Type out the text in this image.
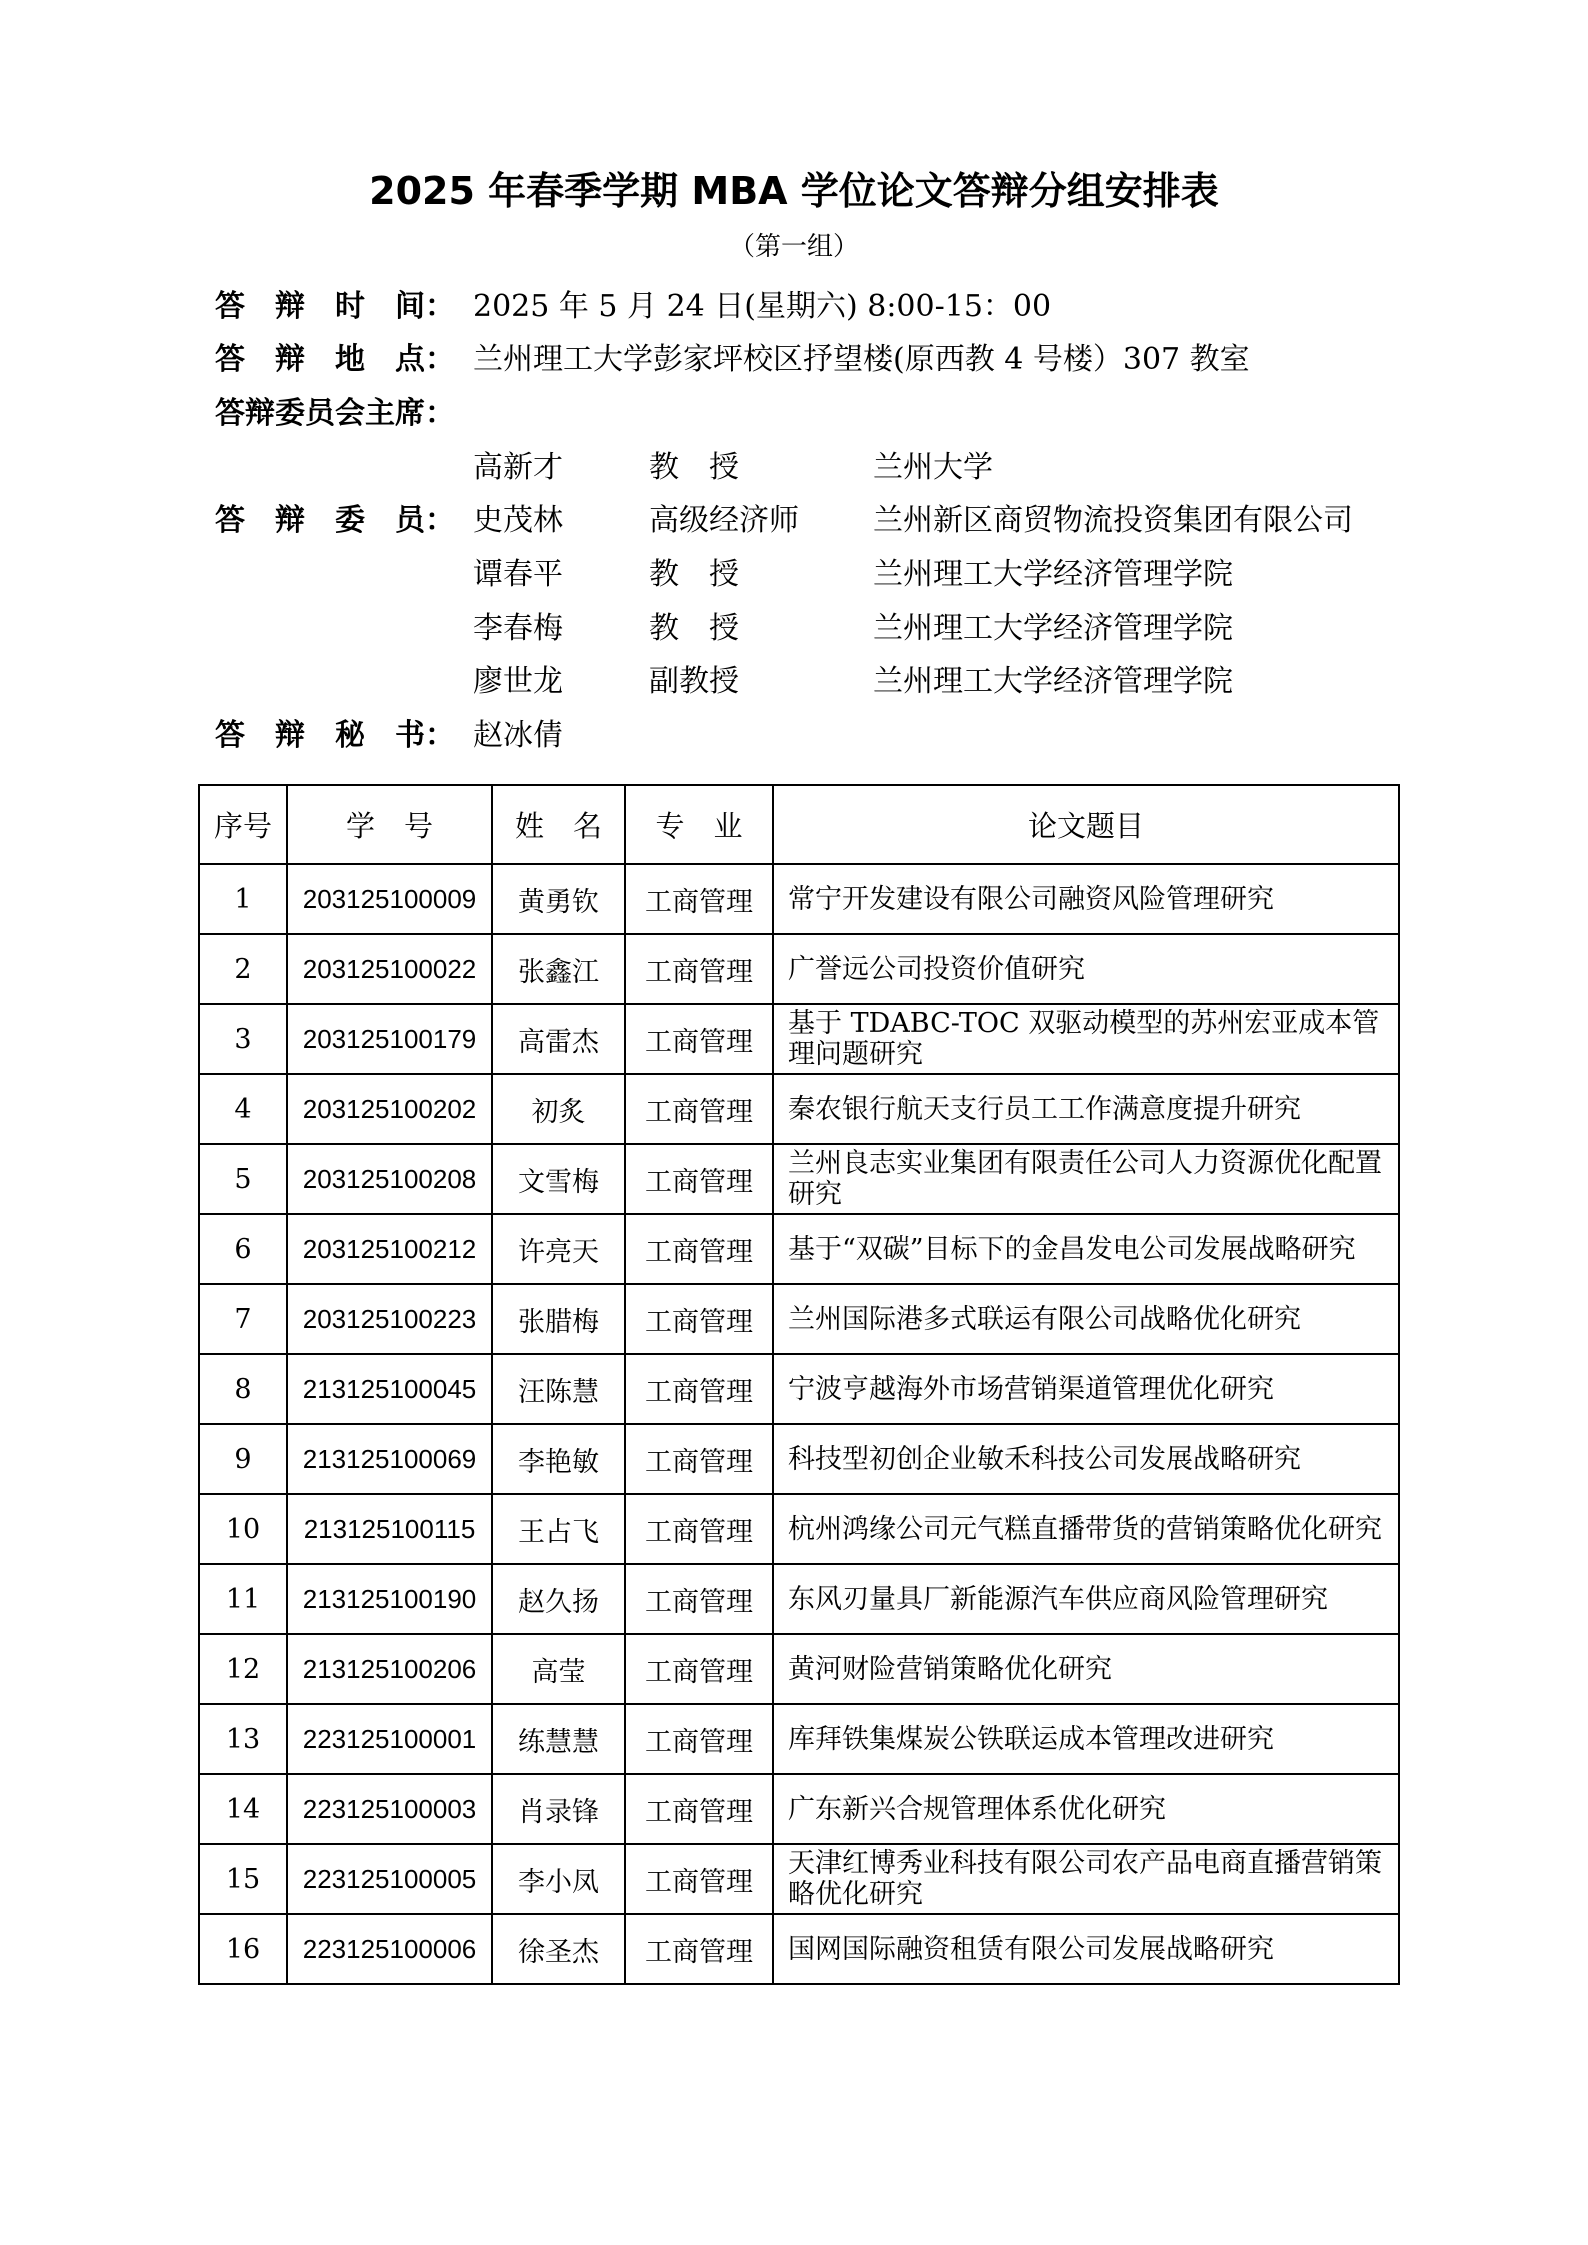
2025 年春季学期 MBA 学位论文答辩分组安排表
（第一组）
答 辩 时 间： 2025 年 5 月 24 日(星期六) 8:00-15：00
答 辩 地 点： 兰州理工大学彭家坪校区抒望楼(原西教 4 号楼）307 教室
答辩委员会主席：
高新才	教　授	兰州大学
答 辩 委 员： 史茂林	高级经济师 兰州新区商贸物流投资集团有限公司
谭春平	教　授	兰州理工大学经济管理学院
李春梅	教　授	兰州理工大学经济管理学院
廖世龙	副教授	兰州理工大学经济管理学院
答 辩 秘 书： 赵冰倩
序号	学　号	姓　名	专　业	论文题目
1	203125100009	黄勇钦	工商管理	常宁开发建设有限公司融资风险管理研究
2	203125100022	张鑫江	工商管理	广誉远公司投资价值研究
3	203125100179	高雷杰	工商管理	基于 TDABC-TOC 双驱动模型的苏州宏亚成本管理问题研究
4	203125100202	初炙	工商管理	秦农银行航天支行员工工作满意度提升研究
5	203125100208	文雪梅	工商管理	兰州良志实业集团有限责任公司人力资源优化配置研究
6	203125100212	许亮天	工商管理	基于“双碳”目标下的金昌发电公司发展战略研究
7	203125100223	张腊梅	工商管理	兰州国际港多式联运有限公司战略优化研究
8	213125100045	汪陈慧	工商管理	宁波亨越海外市场营销渠道管理优化研究
9	213125100069	李艳敏	工商管理	科技型初创企业敏禾科技公司发展战略研究
10	213125100115	王占飞	工商管理	杭州鸿缘公司元气糕直播带货的营销策略优化研究
11	213125100190	赵久扬	工商管理	东风刃量具厂新能源汽车供应商风险管理研究
12	213125100206	高莹	工商管理	黄河财险营销策略优化研究
13	223125100001	练慧慧	工商管理	库拜铁集煤炭公铁联运成本管理改进研究
14	223125100003	肖录锋	工商管理	广东新兴合规管理体系优化研究
15	223125100005	李小凤	工商管理	天津红博秀业科技有限公司农产品电商直播营销策略优化研究
16	223125100006	徐圣杰	工商管理	国网国际融资租赁有限公司发展战略研究
